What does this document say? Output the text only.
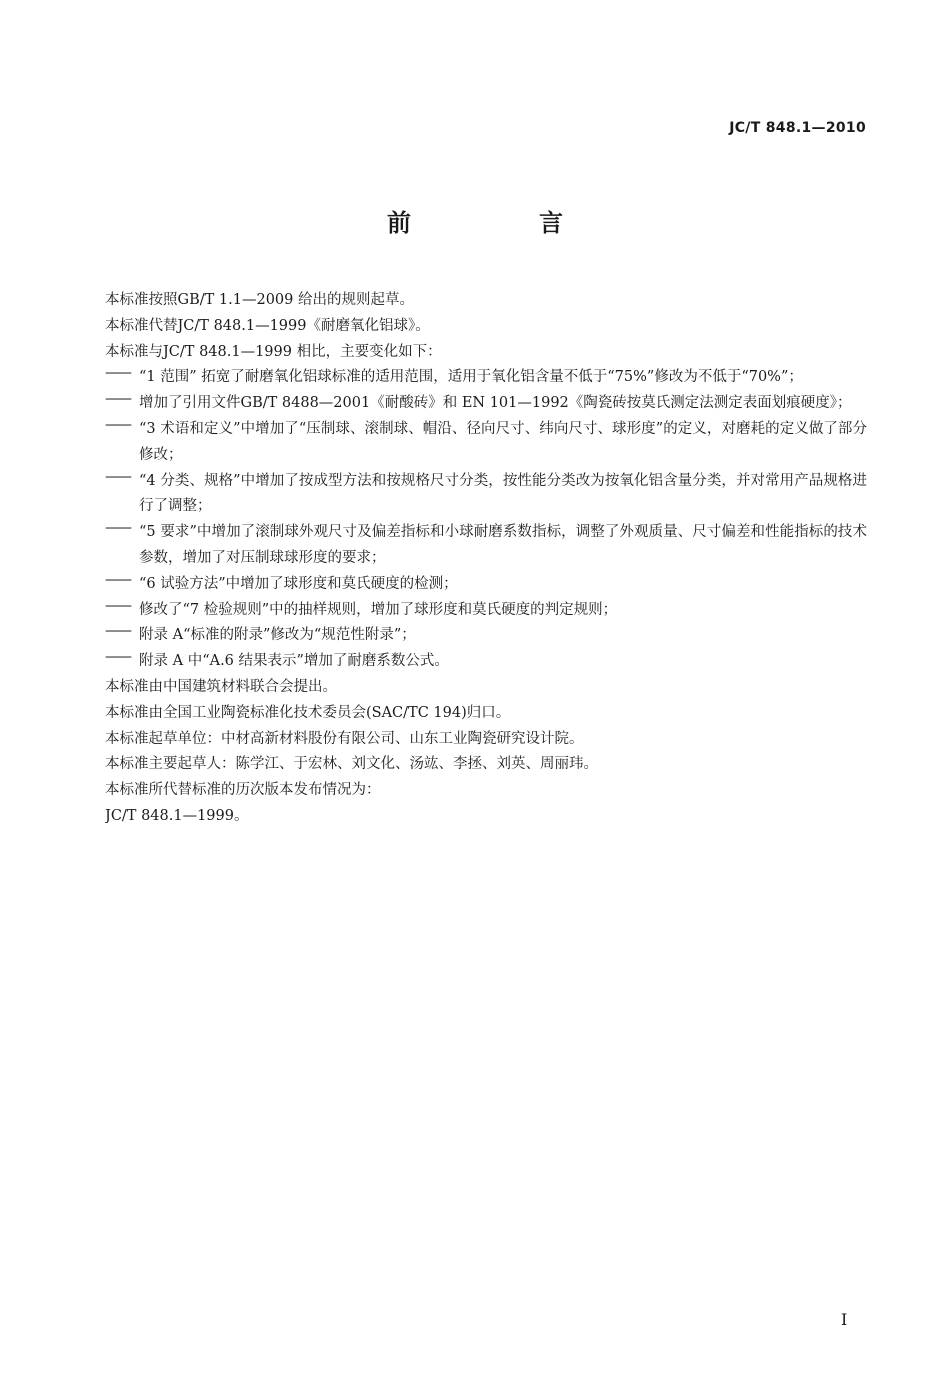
JC/T 848.1—2010

前　言
本标准按照GB/T 1.1—2009 给出的规则起草。
本标准代替JC/T 848.1—1999《耐磨氧化铝球》。
本标准与JC/T 848.1—1999 相比，主要变化如下：
—— “1 范围” 拓宽了耐磨氧化铝球标准的适用范围，适用于氧化铝含量不低于“75%”修改为不低于“70%”；
—— 增加了引用文件GB/T 8488—2001《耐酸砖》和 EN 101—1992《陶瓷砖按莫氏测定法测定表面划痕硬度》；
—— “3 术语和定义”中增加了“压制球、滚制球、帽沿、径向尺寸、纬向尺寸、球形度”的定义，对磨耗的定义做了部分修改；
—— “4 分类、规格”中增加了按成型方法和按规格尺寸分类，按性能分类改为按氧化铝含量分类，并对常用产品规格进行了调整；
—— “5 要求”中增加了滚制球外观尺寸及偏差指标和小球耐磨系数指标，调整了外观质量、尺寸偏差和性能指标的技术参数，增加了对压制球球形度的要求；
—— “6 试验方法”中增加了球形度和莫氏硬度的检测；
—— 修改了“7 检验规则”中的抽样规则，增加了球形度和莫氏硬度的判定规则；
—— 附录 A“标准的附录”修改为“规范性附录”；
—— 附录 A 中“A.6 结果表示”增加了耐磨系数公式。
本标准由中国建筑材料联合会提出。
本标准由全国工业陶瓷标准化技术委员会(SAC/TC 194)归口。
本标准起草单位：中材高新材料股份有限公司、山东工业陶瓷研究设计院。
本标准主要起草人：陈学江、于宏林、刘文化、汤竑、李拯、刘英、周丽玮。
本标准所代替标准的历次版本发布情况为：
JC/T 848.1—1999。

I
